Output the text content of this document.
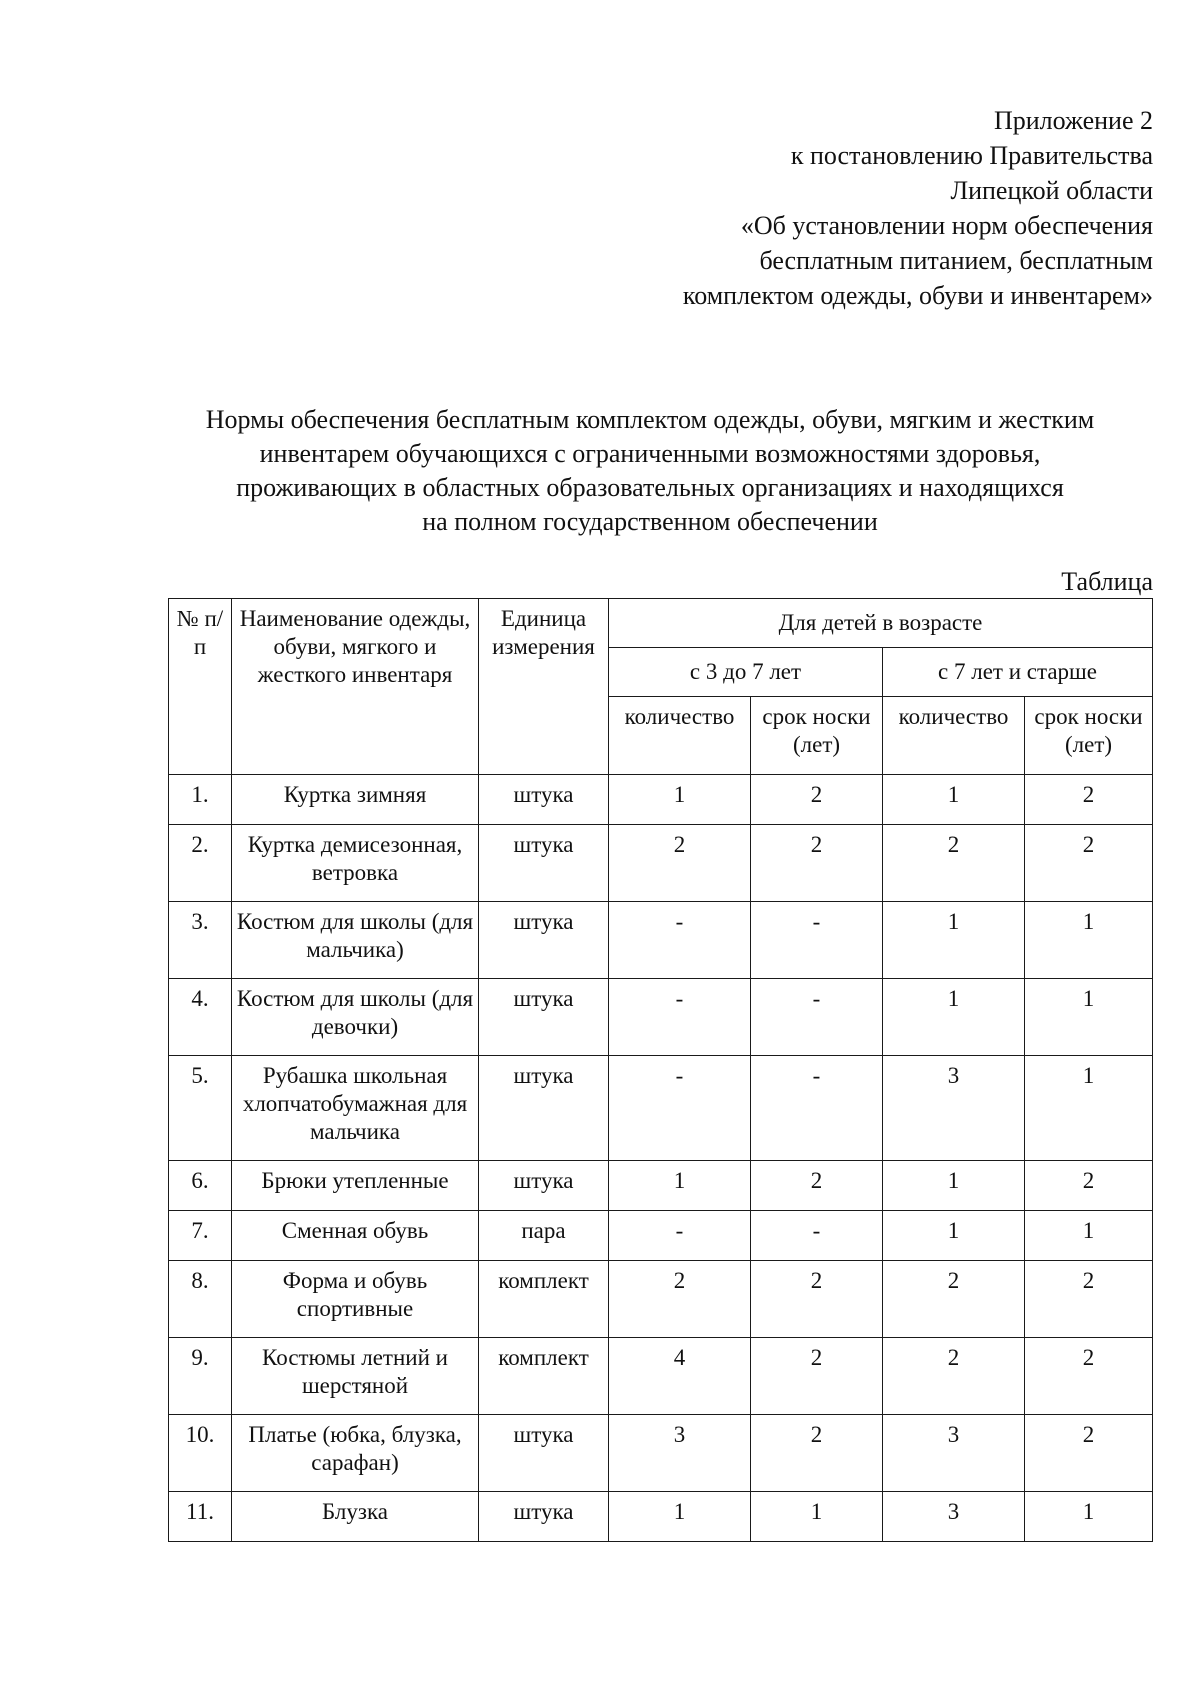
Приложение 2
к постановлению Правительства
Липецкой области
«Об установлении норм обеспечения
бесплатным питанием, бесплатным
комплектом одежды, обуви и инвентарем»
Нормы обеспечения бесплатным комплектом одежды, обуви, мягким и жестким
инвентарем обучающихся с ограниченными возможностями здоровья,
проживающих в областных образовательных организациях и находящихся
на полном государственном обеспечении
Таблица
№ п/п	Наименование одежды, обуви, мягкого и жесткого инвентаря	Единица измерения	Для детей в возрасте			
			с 3 до 7 лет		с 7 лет и старше	
			количество	срок носки (лет)	количество	срок носки (лет)
1.	Куртка зимняя	штука	1	2	1	2
2.	Куртка демисезонная, ветровка	штука	2	2	2	2
3.	Костюм для школы (для мальчика)	штука	-	-	1	1
4.	Костюм для школы (для девочки)	штука	-	-	1	1
5.	Рубашка школьная хлопчатобумажная для мальчика	штука	-	-	3	1
6.	Брюки утепленные	штука	1	2	1	2
7.	Сменная обувь	пара	-	-	1	1
8.	Форма и обувь спортивные	комплект	2	2	2	2
9.	Костюмы летний и шерстяной	комплект	4	2	2	2
10.	Платье (юбка, блузка, сарафан)	штука	3	2	3	2
11.	Блузка	штука	1	1	3	1
